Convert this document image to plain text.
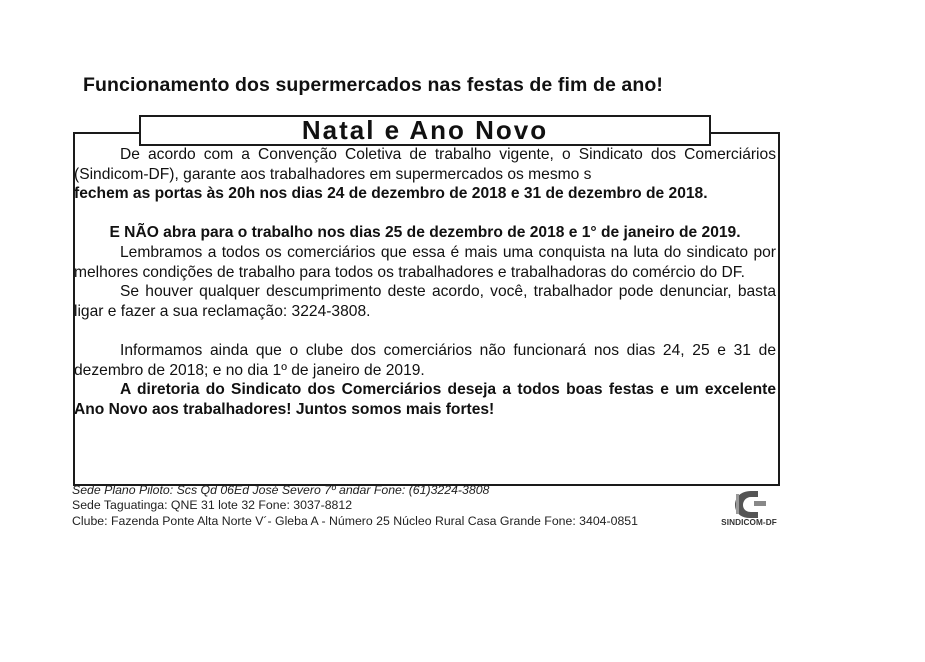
Funcionamento dos supermercados nas festas de fim de ano!
Natal e Ano Novo

De acordo com a Convenção Coletiva de trabalho vigente, o Sindicato dos Comerciários (Sindicom-DF), garante aos trabalhadores em supermercados os mesmo s

fechem as portas às 20h nos dias 24 de dezembro de 2018 e 31 de dezembro de 2018.

E NÃO abra para o trabalho nos dias 25 de dezembro de 2018 e 1° de janeiro de 2019.

Lembramos a todos os comerciários que essa é mais uma conquista na luta do sindicato por melhores condições de trabalho para todos os trabalhadores e trabalhadoras do comércio do DF.

Se houver qualquer descumprimento deste acordo, você, trabalhador pode denunciar, basta ligar e fazer a sua reclamação: 3224-3808.

Informamos ainda que o clube dos comerciários não funcionará nos dias 24, 25 e 31 de dezembro de 2018; e no dia 1º de janeiro de 2019.

A diretoria do Sindicato dos Comerciários deseja a todos boas festas e um excelente Ano Novo aos trabalhadores! Juntos somos mais fortes!

Sede Plano Piloto: Scs Qd 06Ed José Severo 7º andar Fone: (61)3224-3808
Sede Taguatinga: QNE 31 lote 32 Fone: 3037-8812
Clube: Fazenda Ponte Alta Norte V´- Gleba A - Número 25 Núcleo Rural Casa Grande Fone: 3404-0851	SINDICOM-DF
